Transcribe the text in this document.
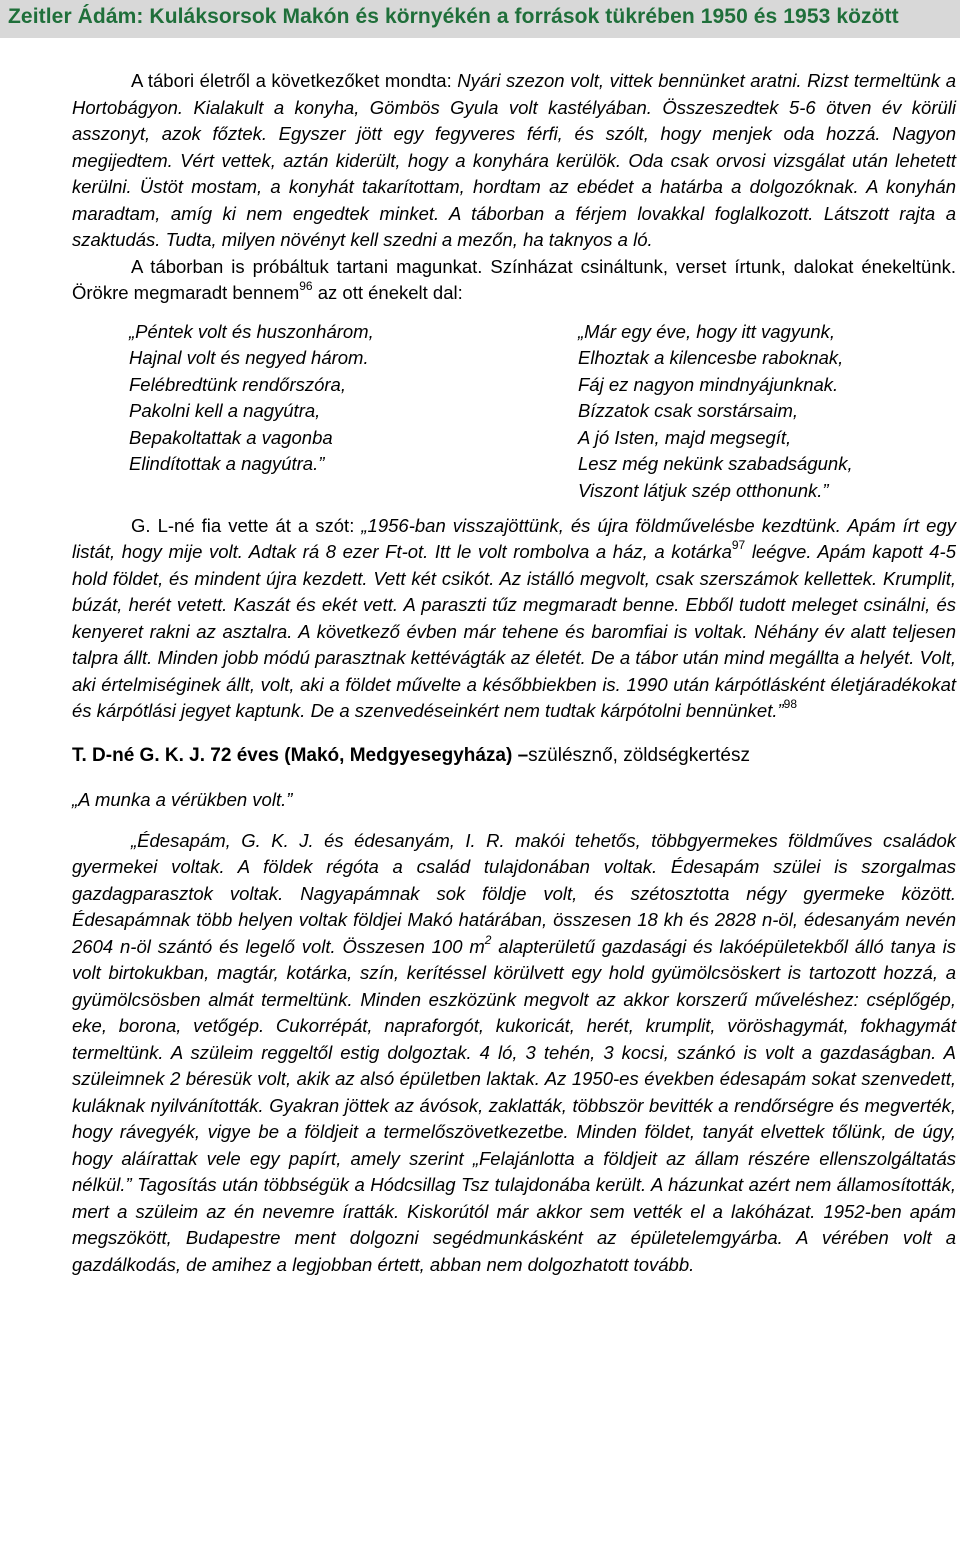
Zeitler Ádám: Kuláksorsok Makón és környékén a források tükrében 1950 és 1953 között

A tábori életről a következőket mondta: Nyári szezon volt, vittek bennünket aratni. Rizst termeltünk a Hortobágyon. Kialakult a konyha, Gömbös Gyula volt kastélyában. Összeszedtek 5-6 ötven év körüli asszonyt, azok főztek. Egyszer jött egy fegyveres férfi, és szólt, hogy menjek oda hozzá. Nagyon megijedtem. Vért vettek, aztán kiderült, hogy a konyhára kerülök. Oda csak orvosi vizsgálat után lehetett kerülni. Üstöt mostam, a konyhát takarítottam, hordtam az ebédet a határba a dolgozóknak. A konyhán maradtam, amíg ki nem engedtek minket. A táborban a férjem lovakkal foglalkozott. Látszott rajta a szaktudás. Tudta, milyen növényt kell szedni a mezőn, ha taknyos a ló.

A táborban is próbáltuk tartani magunkat. Színházat csináltunk, verset írtunk, dalokat énekeltünk. Örökre megmaradt bennem$^{96}$ az ott énekelt dal:

„Péntek volt és huszonhárom,
Hajnal volt és negyed három.
Felébredtünk rendőrszóra,
Pakolni kell a nagyútra,
Bepakoltattak a vagonba
Elindítottak a nagyútra.”
„Már egy éve, hogy itt vagyunk,
Elhoztak a kilencesbe raboknak,
Fáj ez nagyon mindnyájunknak.
Bízzatok csak sorstársaim,
A jó Isten, majd megsegít,
Lesz még nekünk szabadságunk,
Viszont látjuk szép otthonunk.”

G. L-né fia vette át a szót: „1956-ban visszajöttünk, és újra földművelésbe kezdtünk. Apám írt egy listát, hogy mije volt. Adtak rá 8 ezer Ft-ot. Itt le volt rombolva a ház, a kotárka$^{97}$ leégve. Apám kapott 4-5 hold földet, és mindent újra kezdett. Vett két csikót. Az istálló megvolt, csak szerszámok kellettek. Krumplit, búzát, herét vetett. Kaszát és ekét vett. A paraszti tűz megmaradt benne. Ebből tudott meleget csinálni, és kenyeret rakni az asztalra. A következő évben már tehene és baromfiai is voltak. Néhány év alatt teljesen talpra állt. Minden jobb módú parasztnak kettévágták az életét. De a tábor után mind megállta a helyét. Volt, aki értelmiséginek állt, volt, aki a földet művelte a későbbiekben is. 1990 után kárpótlásként életjáradékokat és kárpótlási jegyet kaptunk. De a szenvedéseinkért nem tudtak kárpótolni bennünket.”$^{98}$

T. D-né G. K. J. 72 éves (Makó, Medgyesegyháza) –szülésznő, zöldségkertész

„A munka a vérükben volt.”

„Édesapám, G. K. J. és édesanyám, I. R. makói tehetős, többgyermekes földműves családok gyermekei voltak. A földek régóta a család tulajdonában voltak. Édesapám szülei is szorgalmas gazdagparasztok voltak. Nagyapámnak sok földje volt, és szétosztotta négy gyermeke között. Édesapámnak több helyen voltak földjei Makó határában, összesen 18 kh és 2828 n-öl, édesanyám nevén 2604 n-öl szántó és legelő volt. Összesen 100 $m^2$ alapterületű gazdasági és lakóépületekből álló tanya is volt birtokukban, magtár, kotárka, szín, kerítéssel körülvett egy hold gyümölcsöskert is tartozott hozzá, a gyümölcsösben almát termeltünk. Minden eszközünk megvolt az akkor korszerű műveléshez: cséplőgép, eke, borona, vetőgép. Cukorrépát, napraforgót, kukoricát, herét, krumplit, vöröshagymát, fokhagymát termeltünk. A szüleim reggeltől estig dolgoztak. 4 ló, 3 tehén, 3 kocsi, szánkó is volt a gazdaságban. A szüleimnek 2 béresük volt, akik az alsó épületben laktak. Az 1950-es években édesapám sokat szenvedett, kuláknak nyilvánították. Gyakran jöttek az ávósok, zaklatták, többször bevitték a rendőrségre és megverték, hogy rávegyék, vigye be a földjeit a termelőszövetkezetbe. Minden földet, tanyát elvettek tőlünk, de úgy, hogy aláírattak vele egy papírt, amely szerint „Felajánlotta a földjeit az állam részére ellenszolgáltatás nélkül.” Tagosítás után többségük a Hódcsillag Tsz tulajdonába került. A házunkat azért nem államosították, mert a szüleim az én nevemre íratták. Kiskorútól már akkor sem vették el a lakóházat. 1952-ben apám megszökött, Budapestre ment dolgozni segédmunkásként az épületelemgyárba. A vérében volt a gazdálkodás, de amihez a legjobban értett, abban nem dolgozhatott tovább.
